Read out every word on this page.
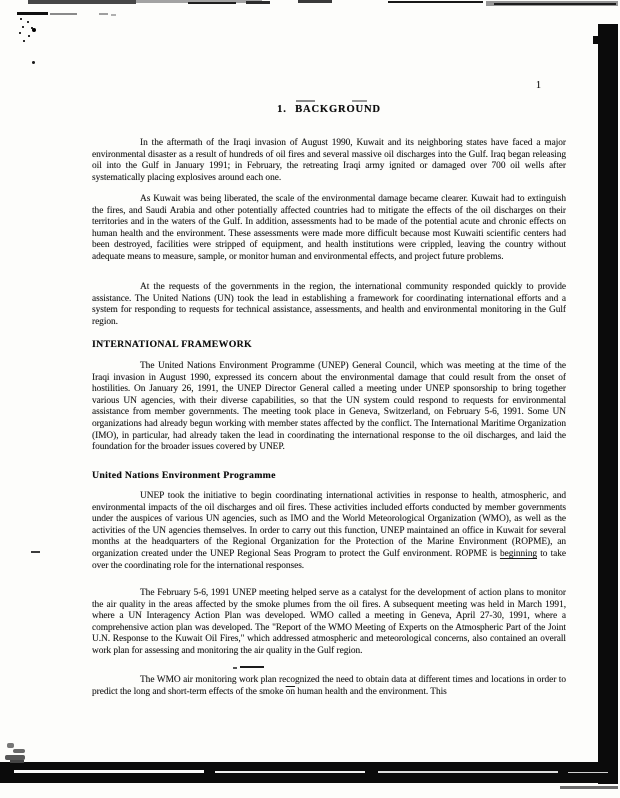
1
1. BACKGROUND

In the aftermath of the Iraqi invasion of August 1990, Kuwait and its neighboring states have faced a major environmental disaster as a result of hundreds of oil fires and several massive oil discharges into the Gulf. Iraq began releasing oil into the Gulf in January 1991; in February, the retreating Iraqi army ignited or damaged over 700 oil wells after systematically placing explosives around each one.

As Kuwait was being liberated, the scale of the environmental damage became clearer. Kuwait had to extinguish the fires, and Saudi Arabia and other potentially affected countries had to mitigate the effects of the oil discharges on their territories and in the waters of the Gulf. In addition, assessments had to be made of the potential acute and chronic effects on human health and the environment. These assessments were made more difficult because most Kuwaiti scientific centers had been destroyed, facilities were stripped of equipment, and health institutions were crippled, leaving the country without adequate means to measure, sample, or monitor human and environmental effects, and project future problems.

At the requests of the governments in the region, the international community responded quickly to provide assistance. The United Nations (UN) took the lead in establishing a framework for coordinating international efforts and a system for responding to requests for technical assistance, assessments, and health and environmental monitoring in the Gulf region.

INTERNATIONAL FRAMEWORK

The United Nations Environment Programme (UNEP) General Council, which was meeting at the time of the Iraqi invasion in August 1990, expressed its concern about the environmental damage that could result from the onset of hostilities. On January 26, 1991, the UNEP Director General called a meeting under UNEP sponsorship to bring together various UN agencies, with their diverse capabilities, so that the UN system could respond to requests for environmental assistance from member governments. The meeting took place in Geneva, Switzerland, on February 5-6, 1991. Some UN organizations had already begun working with member states affected by the conflict. The International Maritime Organization (IMO), in particular, had already taken the lead in coordinating the international response to the oil discharges, and laid the foundation for the broader issues covered by UNEP.

United Nations Environment Programme

UNEP took the initiative to begin coordinating international activities in response to health, atmospheric, and environmental impacts of the oil discharges and oil fires. These activities included efforts conducted by member governments under the auspices of various UN agencies, such as IMO and the World Meteorological Organization (WMO), as well as the activities of the UN agencies themselves. In order to carry out this function, UNEP maintained an office in Kuwait for several months at the headquarters of the Regional Organization for the Protection of the Marine Environment (ROPME), an organization created under the UNEP Regional Seas Program to protect the Gulf environment. ROPME is beginning to take over the coordinating role for the international responses.

The February 5-6, 1991 UNEP meeting helped serve as a catalyst for the development of action plans to monitor the air quality in the areas affected by the smoke plumes from the oil fires. A subsequent meeting was held in March 1991, where a UN Interagency Action Plan was developed. WMO called a meeting in Geneva, April 27-30, 1991, where a comprehensive action plan was developed. The "Report of the WMO Meeting of Experts on the Atmospheric Part of the Joint U.N. Response to the Kuwait Oil Fires," which addressed atmospheric and meteorological concerns, also contained an overall work plan for assessing and monitoring the air quality in the Gulf region.

The WMO air monitoring work plan recognized the need to obtain data at different times and locations in order to predict the long and short-term effects of the smoke $\overline{on}$ human health and the environment. This
